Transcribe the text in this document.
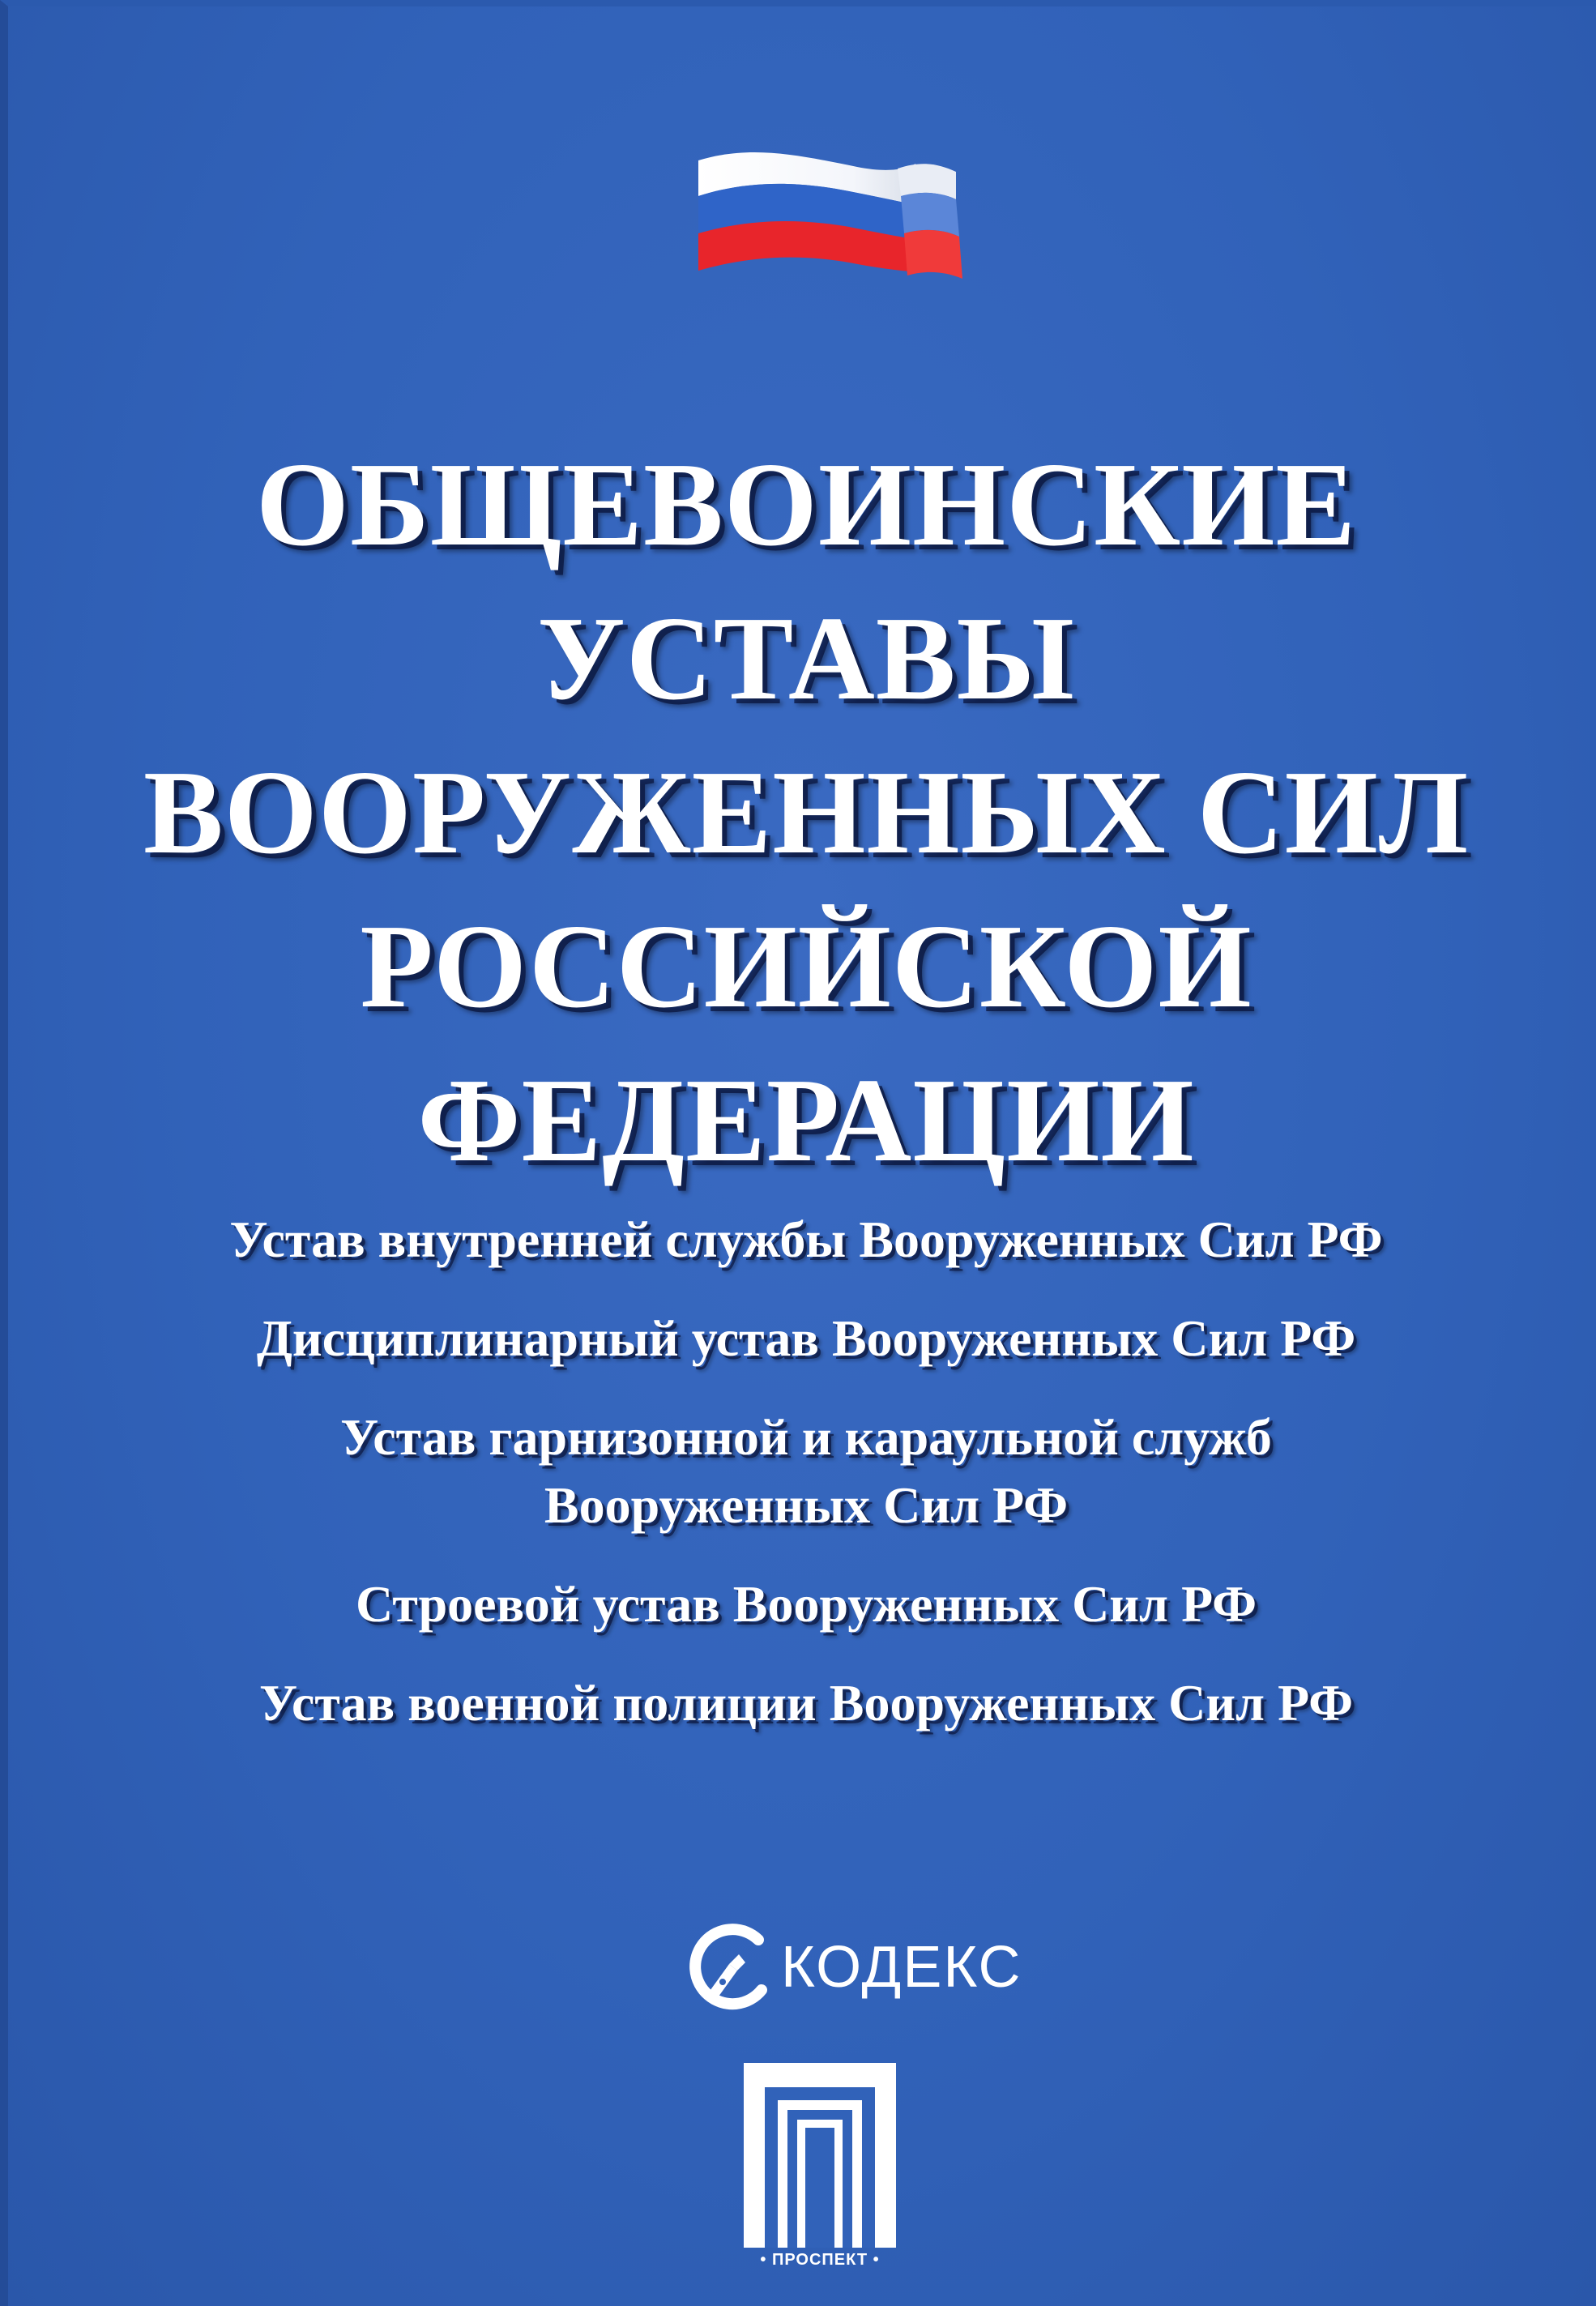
ОБЩЕВОИНСКИЕ
УСТАВЫ
ВООРУЖЕННЫХ СИЛ
РОССИЙСКОЙ
ФЕДЕРАЦИИ
Устав внутренней службы Вооруженных Сил РФ
Дисциплинарный устав Вооруженных Сил РФ
Устав гарнизонной и караульной служб
Вооруженных Сил РФ
Строевой устав Вооруженных Сил РФ
Устав военной полиции Вооруженных Сил РФ
КОДЕКС
• ПРОСПЕКТ •
